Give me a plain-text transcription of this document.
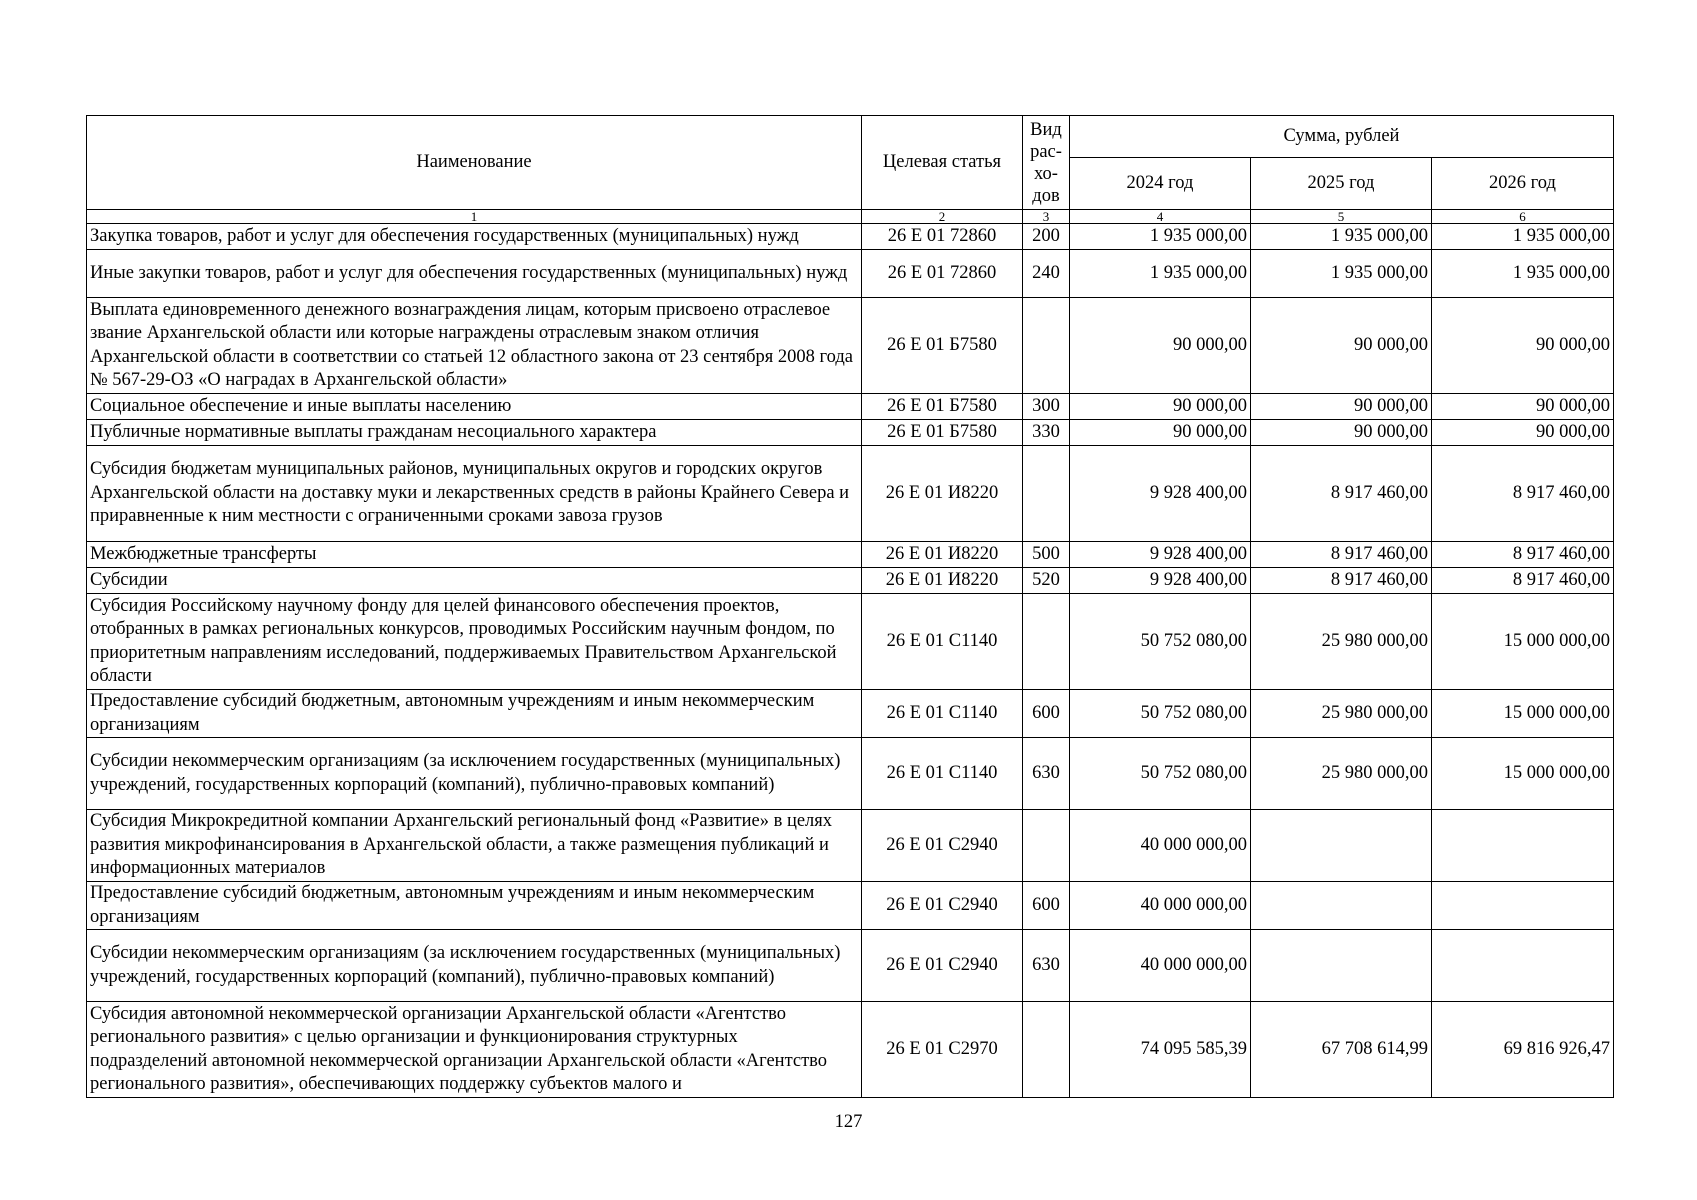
Наименование	Целевая статья	Вид
рас-
хо-
дов	Сумма, рублей		
			2024 год	2025 год	2026 год
1	2	3	4	5	6
Закупка товаров, работ и услуг для обеспечения государственных (муниципальных) нужд	26 Е 01 72860	200	1 935 000,00	1 935 000,00	1 935 000,00
Иные закупки товаров, работ и услуг для обеспечения государственных (муниципальных) нужд	26 Е 01 72860	240	1 935 000,00	1 935 000,00	1 935 000,00
Выплата единовременного денежного вознаграждения лицам, которым присвоено отраслевое звание Архангельской области или которые награждены отраслевым знаком отличия Архангельской области в соответствии со статьей 12 областного закона от 23 сентября 2008 года № 567-29-ОЗ «О наградах в Архангельской области»	26 Е 01 Б7580		90 000,00	90 000,00	90 000,00
Социальное обеспечение и иные выплаты населению	26 Е 01 Б7580	300	90 000,00	90 000,00	90 000,00
Публичные нормативные выплаты гражданам несоциального характера	26 Е 01 Б7580	330	90 000,00	90 000,00	90 000,00
Субсидия бюджетам муниципальных районов, муниципальных округов и городских округов Архангельской области на доставку муки и лекарственных средств в районы Крайнего Севера и приравненные к ним местности с ограниченными сроками завоза грузов	26 Е 01 И8220		9 928 400,00	8 917 460,00	8 917 460,00
Межбюджетные трансферты	26 Е 01 И8220	500	9 928 400,00	8 917 460,00	8 917 460,00
Субсидии	26 Е 01 И8220	520	9 928 400,00	8 917 460,00	8 917 460,00
Субсидия Российскому научному фонду для целей финансового обеспечения проектов, отобранных в рамках региональных конкурсов, проводимых Российским научным фондом, по приоритетным направлениям исследований, поддерживаемых Правительством Архангельской области	26 Е 01 С1140		50 752 080,00	25 980 000,00	15 000 000,00
Предоставление субсидий бюджетным, автономным учреждениям и иным некоммерческим организациям	26 Е 01 С1140	600	50 752 080,00	25 980 000,00	15 000 000,00
Субсидии некоммерческим организациям (за исключением государственных (муниципальных) учреждений, государственных корпораций (компаний), публично-правовых компаний)	26 Е 01 С1140	630	50 752 080,00	25 980 000,00	15 000 000,00
Субсидия Микрокредитной компании Архангельский региональный фонд «Развитие» в целях развития микрофинансирования в Архангельской области, а также размещения публикаций и информационных материалов	26 Е 01 С2940		40 000 000,00		
Предоставление субсидий бюджетным, автономным учреждениям и иным некоммерческим организациям	26 Е 01 С2940	600	40 000 000,00		
Субсидии некоммерческим организациям (за исключением государственных (муниципальных) учреждений, государственных корпораций (компаний), публично-правовых компаний)	26 Е 01 С2940	630	40 000 000,00		

Субсидия автономной некоммерческой организации Архангельской области «Агентство регионального развития» с целью организации и функционирования структурных подразделений автономной некоммерческой организации Архангельской области «Агентство регионального развития», обеспечивающих поддержку субъектов малого и	26 Е 01 С2970		74 095 585,39	67 708 614,99	69 816 926,47
127
